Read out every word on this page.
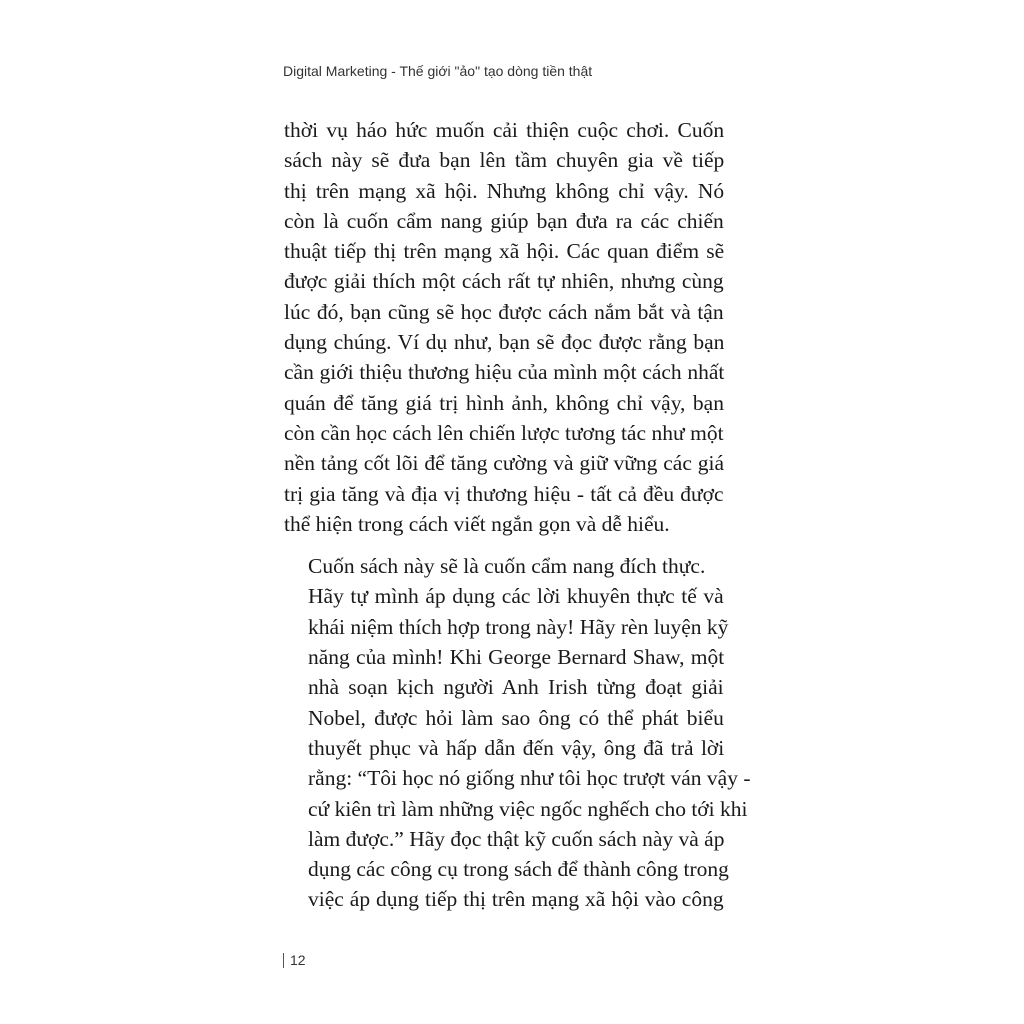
Digital Marketing - Thế giới "ảo" tạo dòng tiền thật

thời vụ háo hức muốn cải thiện cuộc chơi. Cuốn
sách này sẽ đưa bạn lên tầm chuyên gia về tiếp
thị trên mạng xã hội. Nhưng không chỉ vậy. Nó
còn là cuốn cẩm nang giúp bạn đưa ra các chiến
thuật tiếp thị trên mạng xã hội. Các quan điểm sẽ
được giải thích một cách rất tự nhiên, nhưng cùng
lúc đó, bạn cũng sẽ học được cách nắm bắt và tận
dụng chúng. Ví dụ như, bạn sẽ đọc được rằng bạn
cần giới thiệu thương hiệu của mình một cách nhất
quán để tăng giá trị hình ảnh, không chỉ vậy, bạn
còn cần học cách lên chiến lược tương tác như một
nền tảng cốt lõi để tăng cường và giữ vững các giá
trị gia tăng và địa vị thương hiệu - tất cả đều được
thể hiện trong cách viết ngắn gọn và dễ hiểu.

Cuốn sách này sẽ là cuốn cẩm nang đích thực.
Hãy tự mình áp dụng các lời khuyên thực tế và
khái niệm thích hợp trong này! Hãy rèn luyện kỹ
năng của mình! Khi George Bernard Shaw, một
nhà soạn kịch người Anh Irish từng đoạt giải
Nobel, được hỏi làm sao ông có thể phát biểu
thuyết phục và hấp dẫn đến vậy, ông đã trả lời
rằng: “Tôi học nó giống như tôi học trượt ván vậy -
cứ kiên trì làm những việc ngốc nghếch cho tới khi
làm được.” Hãy đọc thật kỹ cuốn sách này và áp
dụng các công cụ trong sách để thành công trong
việc áp dụng tiếp thị trên mạng xã hội vào công

12
